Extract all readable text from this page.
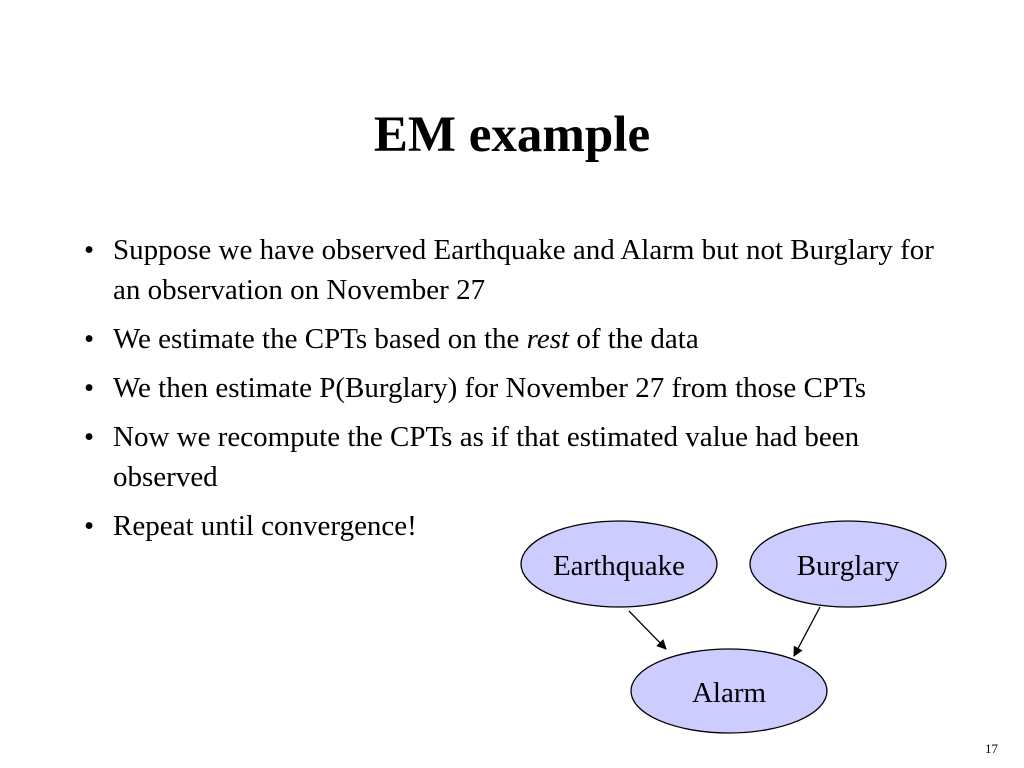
EM example
• Suppose we have observed Earthquake and Alarm but not Burglary for an observation on November 27
• We estimate the CPTs based on the rest of the data
• We then estimate P(Burglary) for November 27 from those CPTs
• Now we recompute the CPTs as if that estimated value had been observed
• Repeat until convergence!
Earthquake	Burglary
Alarm
17
